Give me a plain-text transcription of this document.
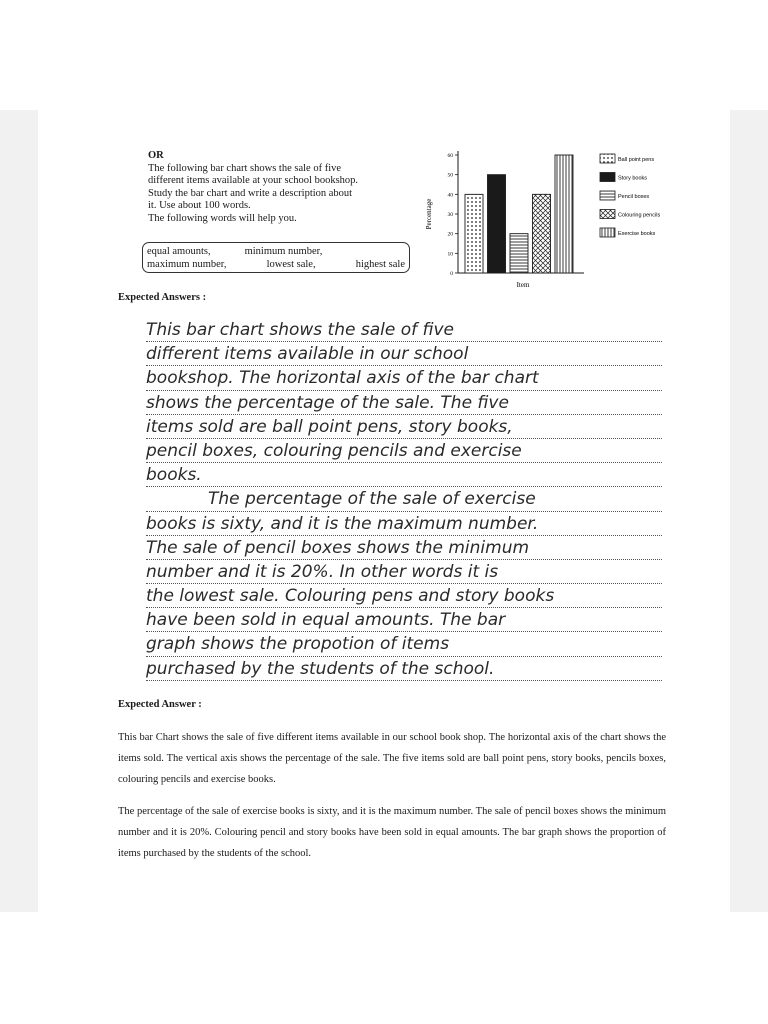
OR

The following bar chart shows the sale of five

different items available at your school bookshop.

Study the bar chart and write a description about

it. Use about 100 words.

The following words will help you.

equal amounts,	minimum number,
maximum number,	lowest sale,	highest sale
0
10
20
30
40
50
60
Percentage
Item
Ball point pens
Story books
Pencil boxes
Colouring pencils
Exercise books
Expected Answers :
This bar chart shows the sale of five
different items available in our school
bookshop. The horizontal axis of the bar chart
shows the percentage of the sale. The five
items sold are ball point pens, story books,
pencil boxes, colouring pencils and exercise
books.
The percentage of the sale of exercise
books is sixty, and it is the maximum number.
The sale of pencil boxes shows the minimum
number and it is 20%. In other words it is
the lowest sale. Colouring pens and story books
have been sold in equal amounts. The bar
graph shows the propotion of items
purchased by the students of the school.
Expected Answer :

This bar Chart shows the sale of five different items available in our school book shop. The horizontal axis of the chart shows the items sold. The vertical axis shows the percentage of the sale. The five items sold are ball point pens, story books, pencils boxes, colouring pencils and exercise books.

The percentage of the sale of exercise books is sixty, and it is the maximum number. The sale of pencil boxes shows the minimum number and it is 20%. Colouring pencil and story books have been sold in equal amounts. The bar graph shows the proportion of items purchased by the students of the school.
